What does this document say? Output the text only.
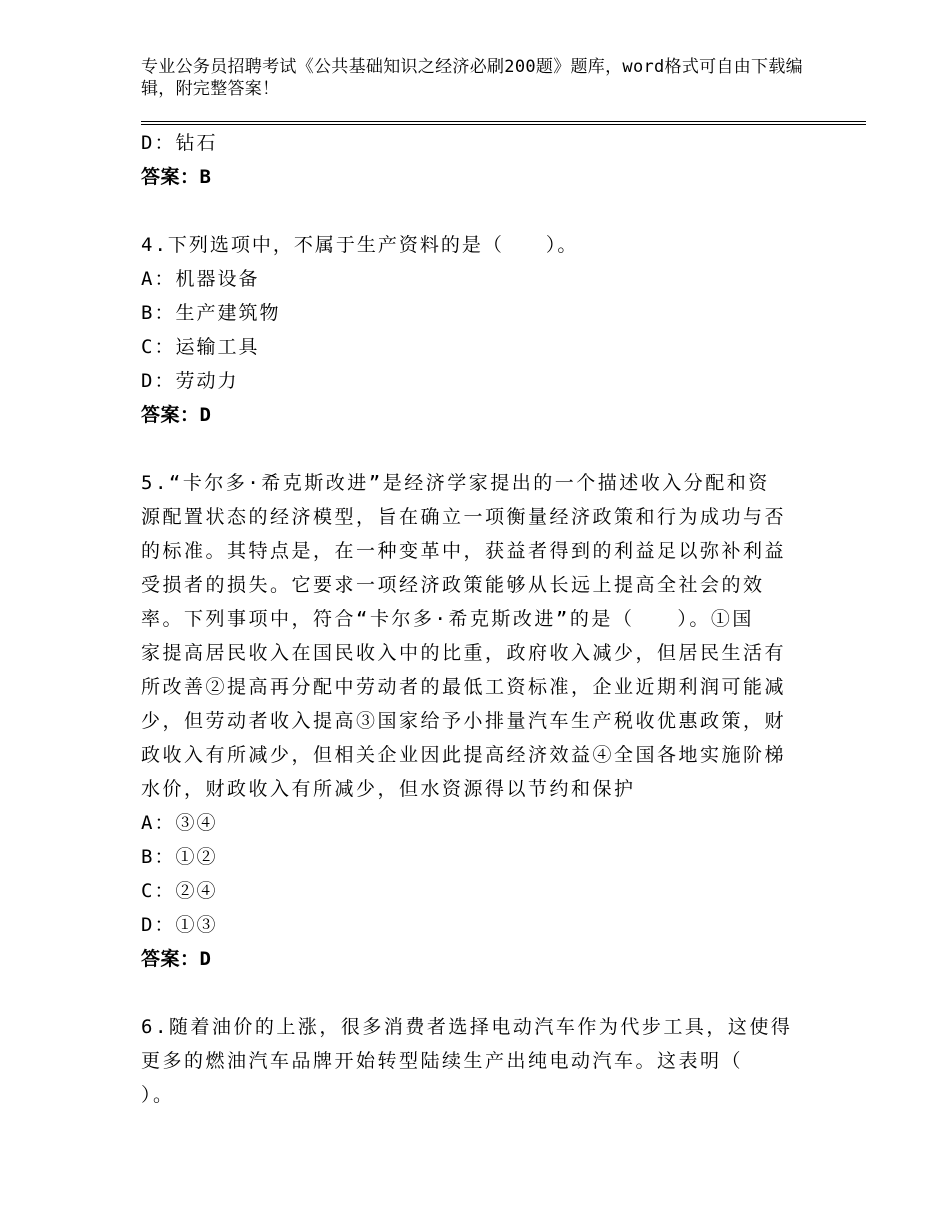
专业公务员招聘考试《公共基础知识之经济必刷200题》题库，word格式可自由下载编辑，附完整答案！
D：钻石
答案：B
4.下列选项中，不属于生产资料的是（　　）。
A：机器设备
B：生产建筑物
C：运输工具
D：劳动力
答案：D
5.“卡尔多·希克斯改进”是经济学家提出的一个描述收入分配和资
源配置状态的经济模型，旨在确立一项衡量经济政策和行为成功与否
的标准。其特点是，在一种变革中，获益者得到的利益足以弥补利益
受损者的损失。它要求一项经济政策能够从长远上提高全社会的效
率。下列事项中，符合“卡尔多·希克斯改进”的是（　　）。①国
家提高居民收入在国民收入中的比重，政府收入减少，但居民生活有
所改善②提高再分配中劳动者的最低工资标准，企业近期利润可能减
少，但劳动者收入提高③国家给予小排量汽车生产税收优惠政策，财
政收入有所减少，但相关企业因此提高经济效益④全国各地实施阶梯
水价，财政收入有所减少，但水资源得以节约和保护
A：③④
B：①②
C：②④
D：①③
答案：D
6.随着油价的上涨，很多消费者选择电动汽车作为代步工具，这使得
更多的燃油汽车品牌开始转型陆续生产出纯电动汽车。这表明（
）。
